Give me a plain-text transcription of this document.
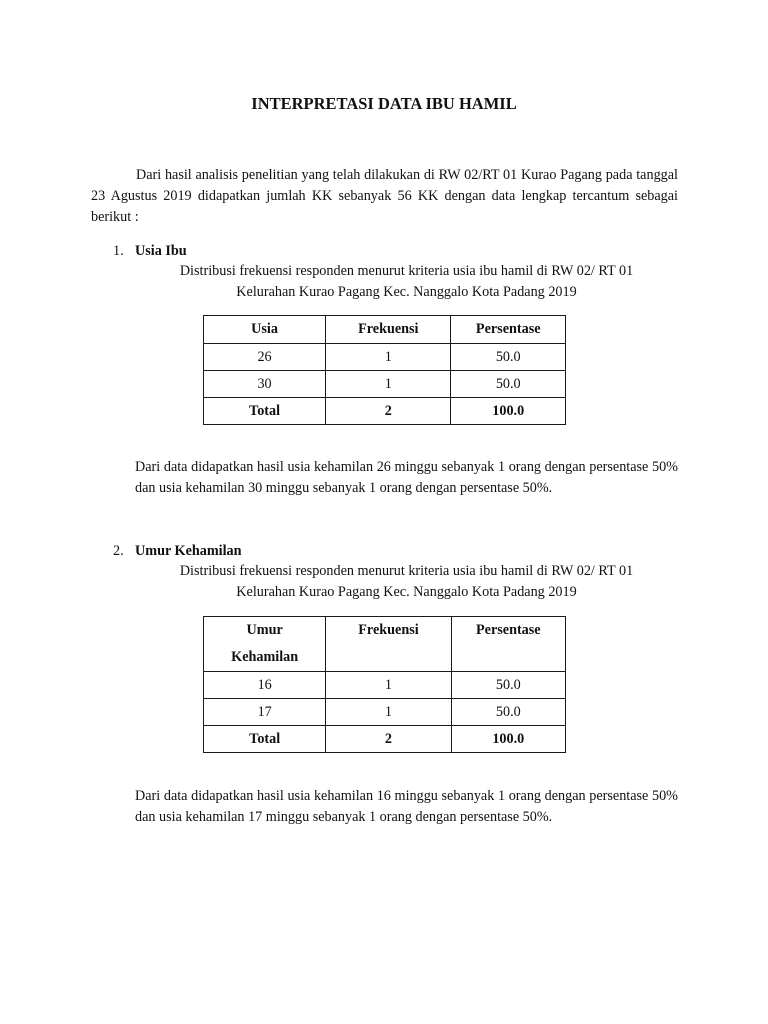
INTERPRETASI DATA IBU HAMIL

Dari hasil analisis penelitian yang telah dilakukan di RW 02/RT 01 Kurao Pagang pada tanggal 23 Agustus 2019 didapatkan jumlah KK sebanyak 56 KK dengan data lengkap tercantum sebagai berikut :

1. Usia Ibu
Distribusi frekuensi responden menurut kriteria usia ibu hamil di RW 02/ RT 01
Kelurahan Kurao Pagang Kec. Nanggalo Kota Padang 2019
Usia	Frekuensi	Persentase
26	1	50.0
30	1	50.0
Total	2	100.0

Dari data didapatkan hasil usia kehamilan 26 minggu sebanyak 1 orang dengan persentase 50% dan usia kehamilan 30 minggu sebanyak 1 orang dengan persentase 50%.

2. Umur Kehamilan
Distribusi frekuensi responden menurut kriteria usia ibu hamil di RW 02/ RT 01
Kelurahan Kurao Pagang Kec. Nanggalo Kota Padang 2019
Umur
Kehamilan	Frekuensi	Persentase
16	1	50.0
17	1	50.0
Total	2	100.0

Dari data didapatkan hasil usia kehamilan 16 minggu sebanyak 1 orang dengan persentase 50% dan usia kehamilan 17 minggu sebanyak 1 orang dengan persentase 50%.
